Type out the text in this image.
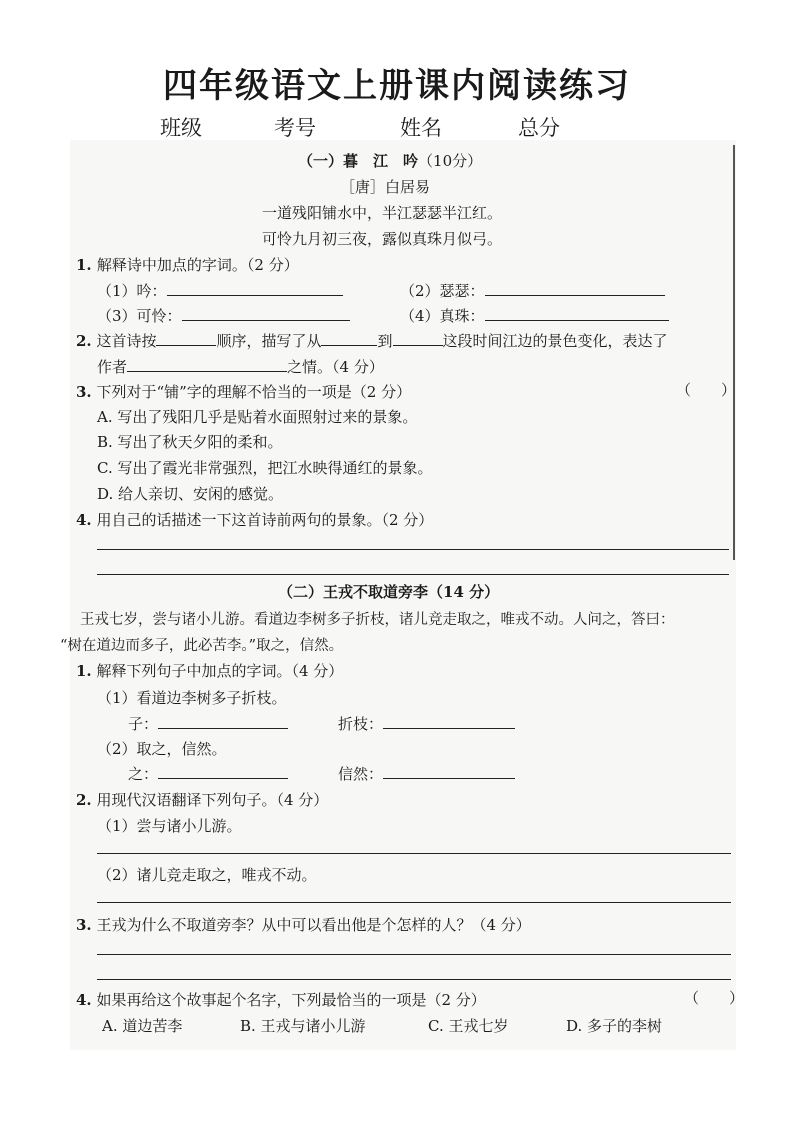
四年级语文上册课内阅读练习
班级	考号	姓名	总分
（一）暮　江　吟（10分）
［唐］白居易
一道残阳铺水中，半江瑟瑟半江红。
可怜九月初三夜，露似真珠月似弓。
1. 解释诗中加点的字词。（2 分）
（1）吟：	（2）瑟瑟：
（3）可怜：	（4）真珠：
2. 这首诗按	顺序，描写了从	到	这段时间江边的景色变化，表达了
作者	之情。（4 分）
3. 下列对于“铺”字的理解不恰当的一项是（2 分）	（　　）
A. 写出了残阳几乎是贴着水面照射过来的景象。
B. 写出了秋天夕阳的柔和。
C. 写出了霞光非常强烈，把江水映得通红的景象。
D. 给人亲切、安闲的感觉。
4. 用自己的话描述一下这首诗前两句的景象。（2 分）
（二）王戎不取道旁李（14 分）
王戎七岁，尝与诸小儿游。看道边李树多子折枝，诸儿竞走取之，唯戎不动。人问之，答曰：
“树在道边而多子，此必苦李。”取之，信然。
1. 解释下列句子中加点的字词。（4 分）
（1）看道边李树多子折枝。
子：	折枝：
（2）取之，信然。
之：	信然：
2. 用现代汉语翻译下列句子。（4 分）
（1）尝与诸小儿游。
（2）诸儿竞走取之，唯戎不动。
3. 王戎为什么不取道旁李？从中可以看出他是个怎样的人？（4 分）
4. 如果再给这个故事起个名字，下列最恰当的一项是（2 分）	（　　）
A. 道边苦李	B. 王戎与诸小儿游	C. 王戎七岁	D. 多子的李树
